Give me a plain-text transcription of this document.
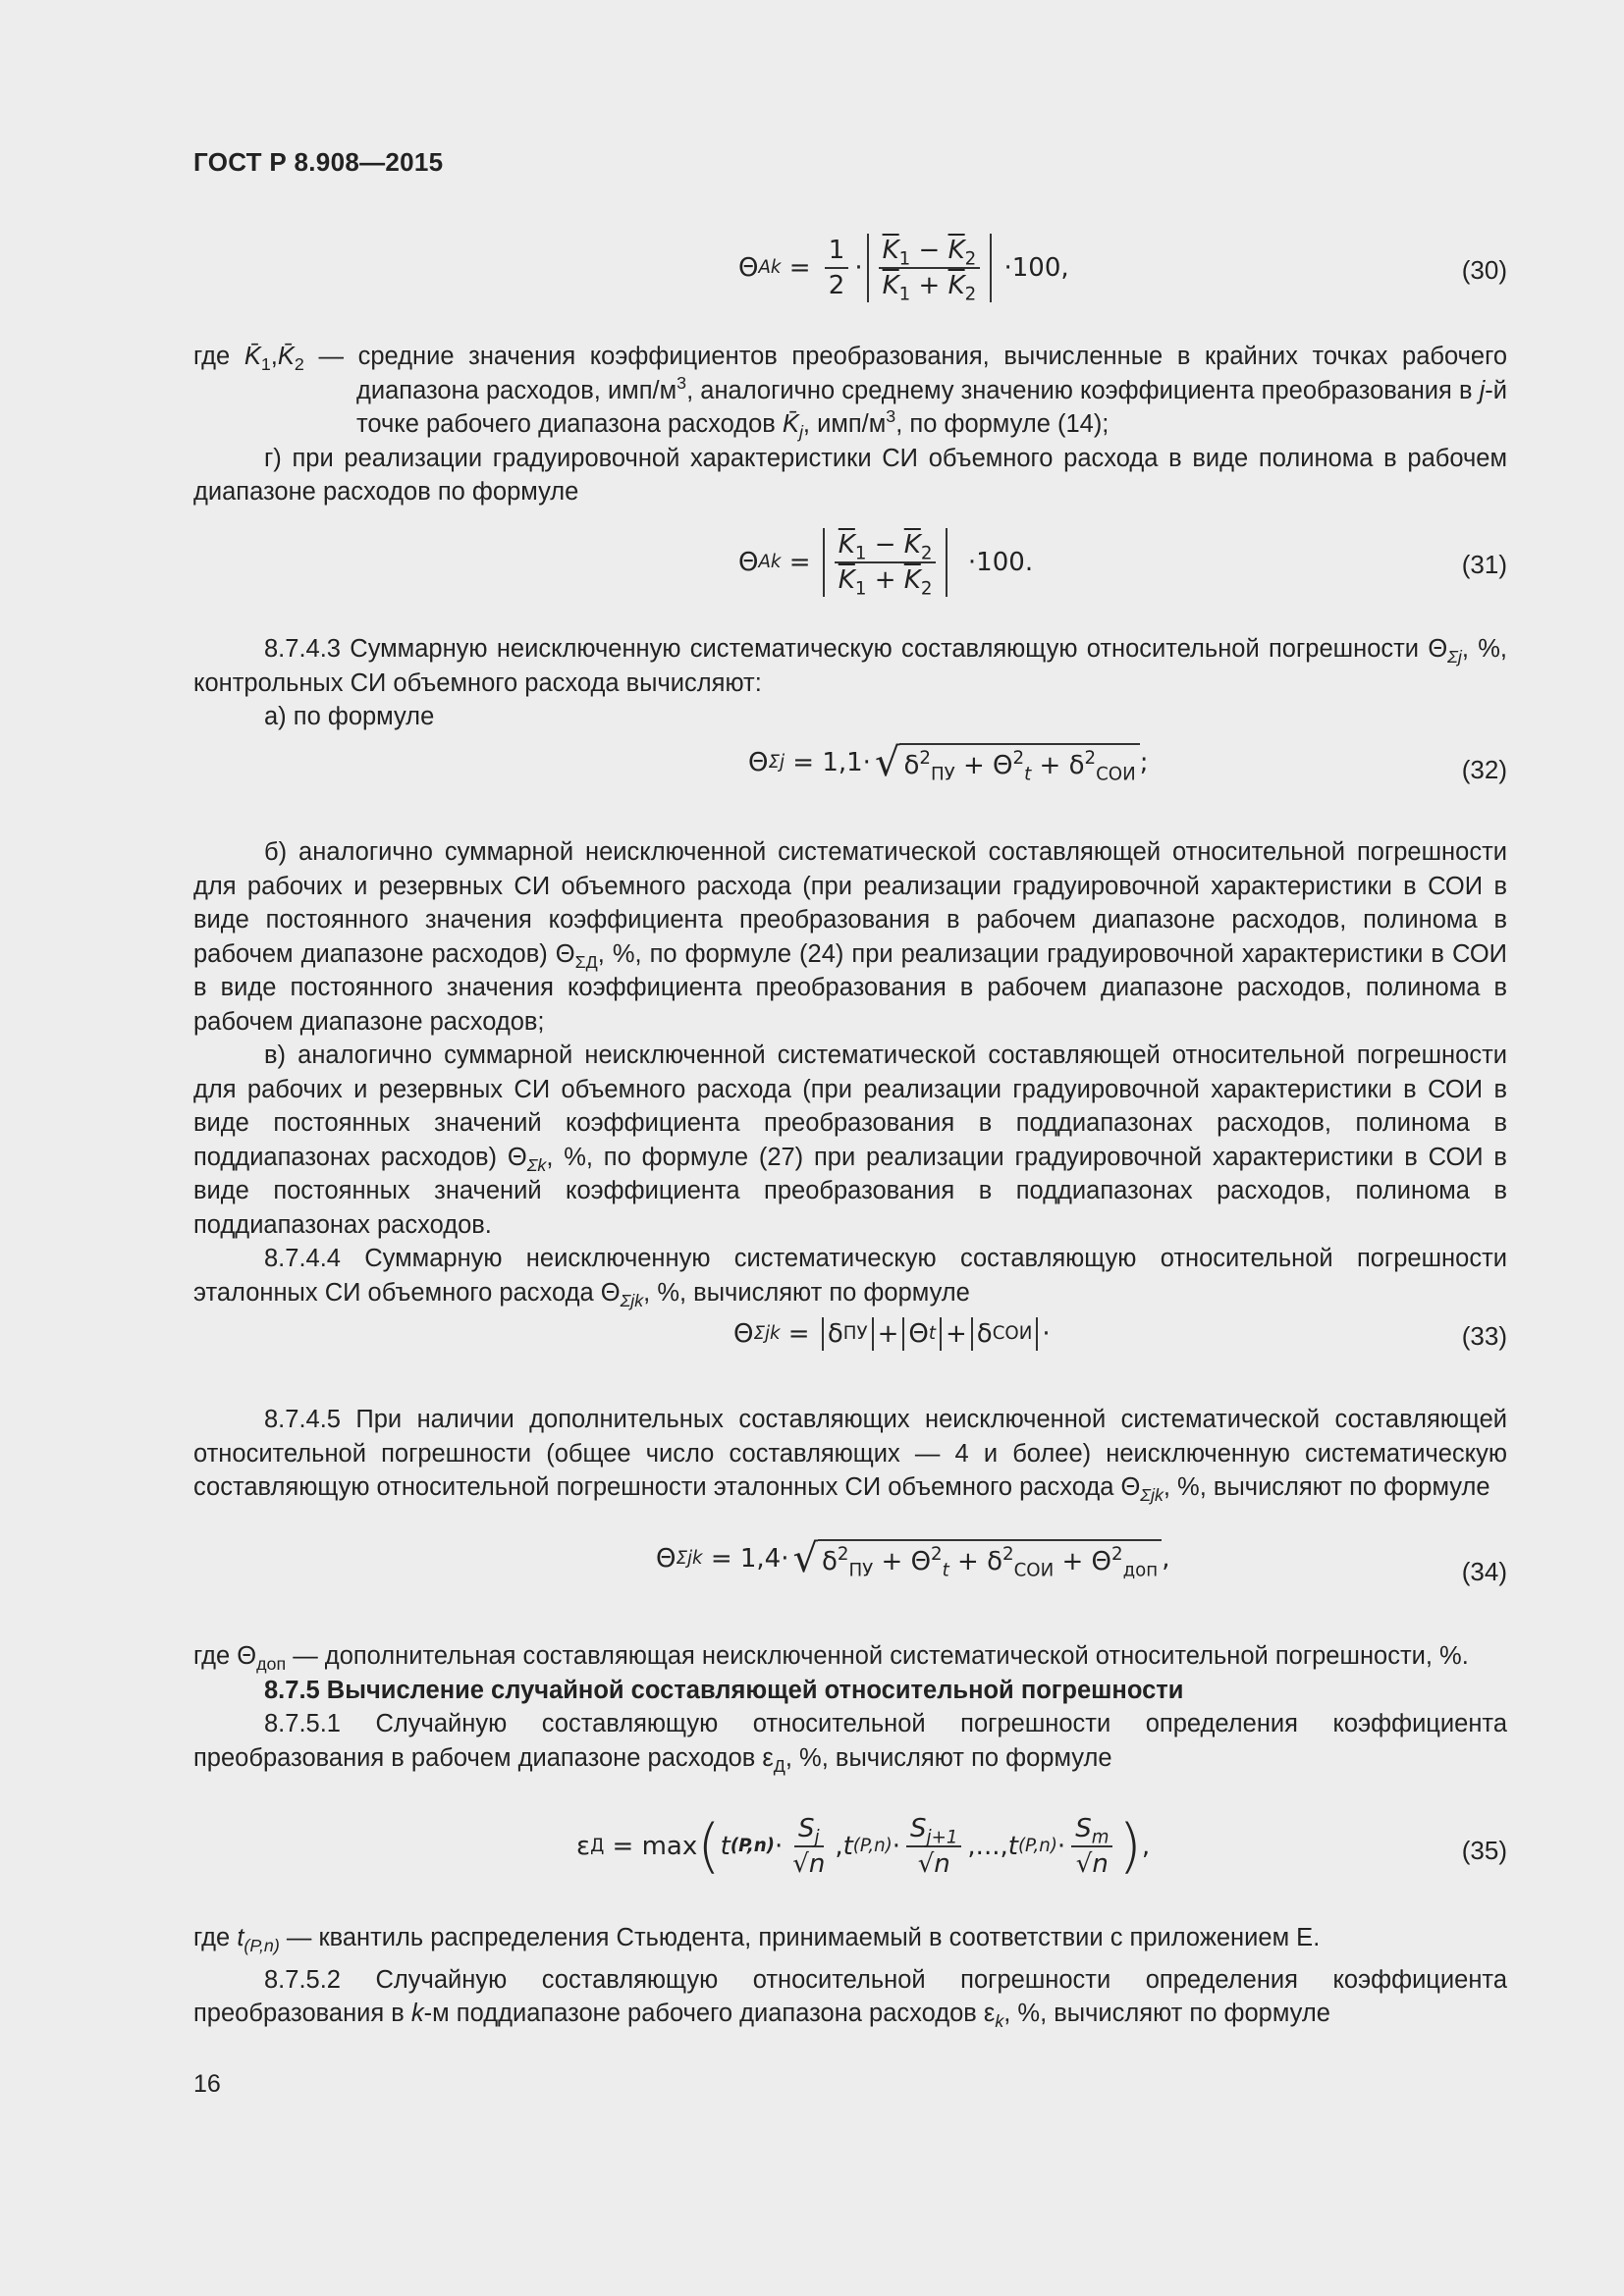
ГОСТ Р 8.908—2015
Θ $Ak = \frac{1}{2} \cdot \frac{\overline{K}_1 - \overline{K}_2}{\overline{K}_1 + \overline{K}_2}$
·100,	(30)

где $K̄_1,K̄_2$ — средние значения коэффициентов преобразования, вычисленные в крайних точках рабочего диапазона расходов, имп/$м^3$, аналогично среднему значению коэффициента преобразования в j-й точке рабочего диапазона расходов $K̄_j$, имп/$м^3$, по формуле (14);

г) при реализации градуировочной характеристики СИ объемного расхода в виде полинома в рабочем диапазоне расходов по формуле

Θ $Ak = \frac{\overline{K}_1 - \overline{K}_2}{\overline{K}_1 + \overline{K}_2}$
·100.	(31)

8.7.4.3 Суммарную неисключенную систематическую составляющую относительной погрешности $\Theta_{\Sigma j}$, %, контрольных СИ объемного расхода вычисляют:

а) по формуле

Θ Σj
= 1,1· √ $\delta^2_{ПУ} + \Theta^2_t + \delta^2_{СОИ}$ ;	(32)

б) аналогично суммарной неисключенной систематической составляющей относительной погрешности для рабочих и резервных СИ объемного расхода (при реализации градуировочной характеристики в СОИ в виде постоянного значения коэффициента преобразования в рабочем диапазоне расходов, полинома в рабочем диапазоне расходов) $\Theta_{\Sigma Д}$, %, по формуле (24) при реализации градуировочной характеристики в СОИ в виде постоянного значения коэффициента преобразования в рабочем диапазоне расходов, полинома в рабочем диапазоне расходов;

в) аналогично суммарной неисключенной систематической составляющей относительной погрешности для рабочих и резервных СИ объемного расхода (при реализации градуировочной характеристики в СОИ в виде постоянных значений коэффициента преобразования в поддиапазонах расходов, полинома в поддиапазонах расходов) $\Theta_{\Sigma k}$, %, по формуле (27) при реализации градуировочной характеристики в СОИ в виде постоянных значений коэффициента преобразования в поддиапазонах расходов, полинома в поддиапазонах расходов.

8.7.4.4 Суммарную неисключенную систематическую составляющую относительной погрешности эталонных СИ объемного расхода $\Theta_{\Sigma jk}$, %, вычисляют по формуле

Θ Σjk = δ ПУ + Θ t + δ СОИ ·	(33)

8.7.4.5 При наличии дополнительных составляющих неисключенной систематической составляющей относительной погрешности (общее число составляющих — 4 и более) неисключенную систематическую составляющую относительной погрешности эталонных СИ объемного расхода $\Theta_{\Sigma jk}$, %, вычисляют по формуле

Θ Σjk
= 1,4· √ $\delta^2_{ПУ} + \Theta^2_t + \delta^2_{СОИ} + \Theta^2_{доп}$ ,	(34)

где $\Theta_{доп}$ — дополнительная составляющая неисключенной систематической относительной погрешности, %.

8.7.5 Вычисление случайной составляющей относительной погрешности

8.7.5.1 Случайную составляющую относительной погрешности определения коэффициента преобразования в рабочем диапазоне расходов $\varepsilon_Д$, %, вычисляют по формуле

ε Д
= max ( t $(P,n) \cdot \frac{S_j}{√n}$ , t $(P,n) \cdot \frac{S_{j+1}}{√n}$ ,..., t $(P,n) \cdot \frac{S_m}{√n}$ ) ,	(35)

где $t_{(P,n)}$ — квантиль распределения Стьюдента, принимаемый в соответствии с приложением Е.

8.7.5.2 Случайную составляющую относительной погрешности определения коэффициента преобразования в k-м поддиапазоне рабочего диапазона расходов $\varepsilon_k$, %, вычисляют по формуле

16
